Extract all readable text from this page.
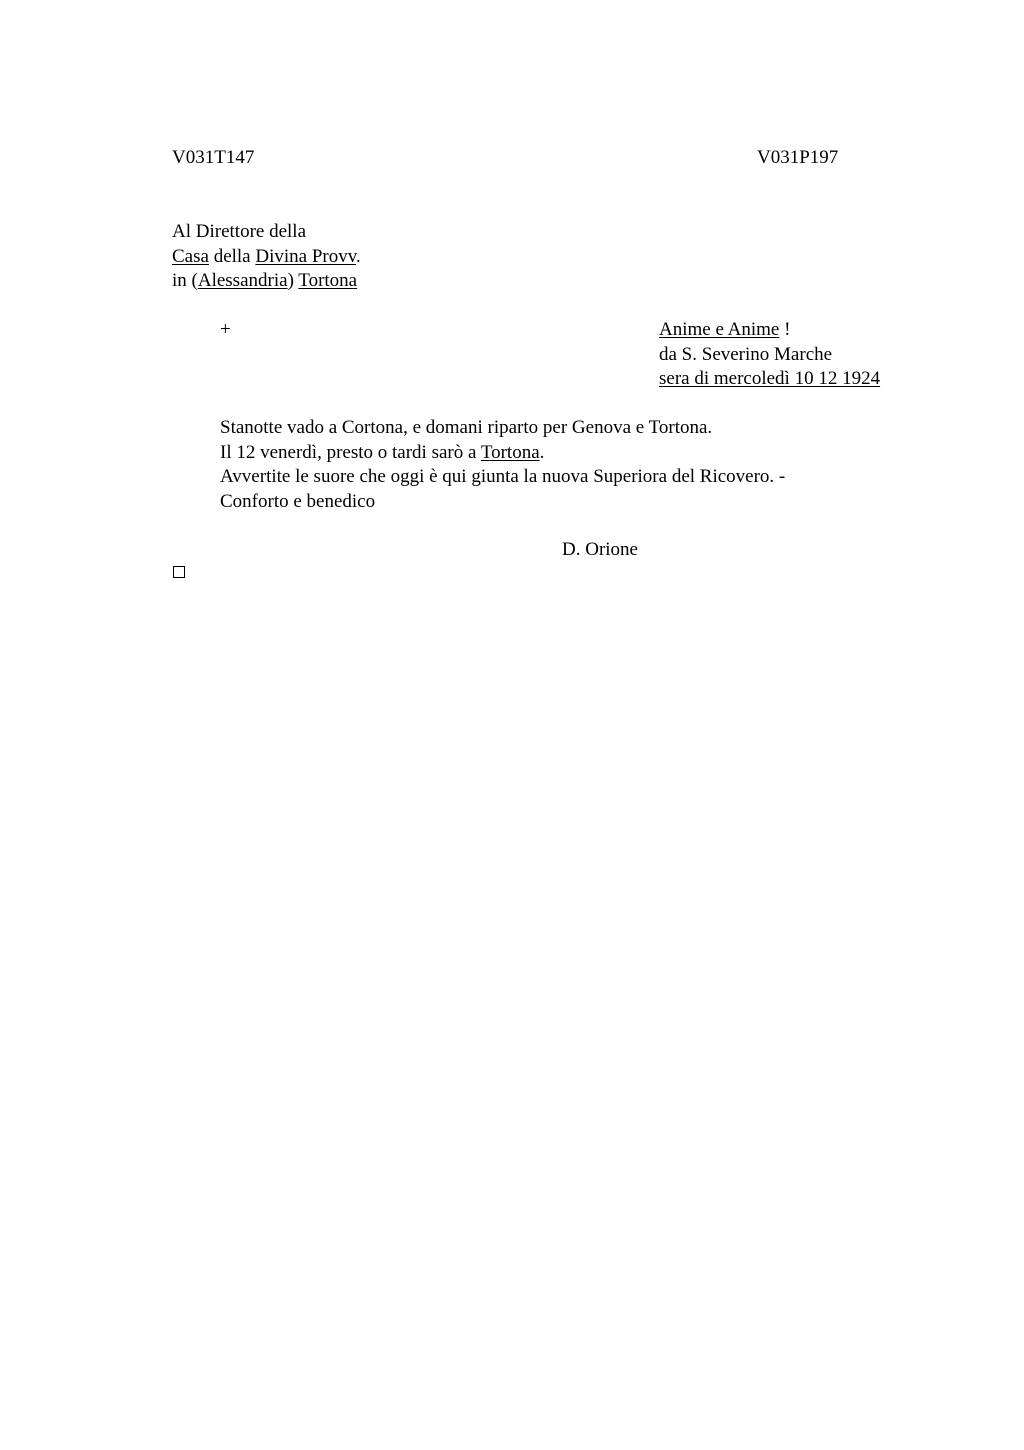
V031T147	V031P197
Al Direttore della
Casa della Divina Provv.
in (Alessandria) Tortona
+	Anime e Anime !
da S. Severino Marche
sera di mercoledì 10 12 1924
Stanotte vado a Cortona, e domani riparto per Genova e Tortona.
Il 12 venerdì, presto o tardi sarò a Tortona.
Avvertite le suore che oggi è qui giunta la nuova Superiora del Ricovero. -
Conforto e benedico
D. Orione
